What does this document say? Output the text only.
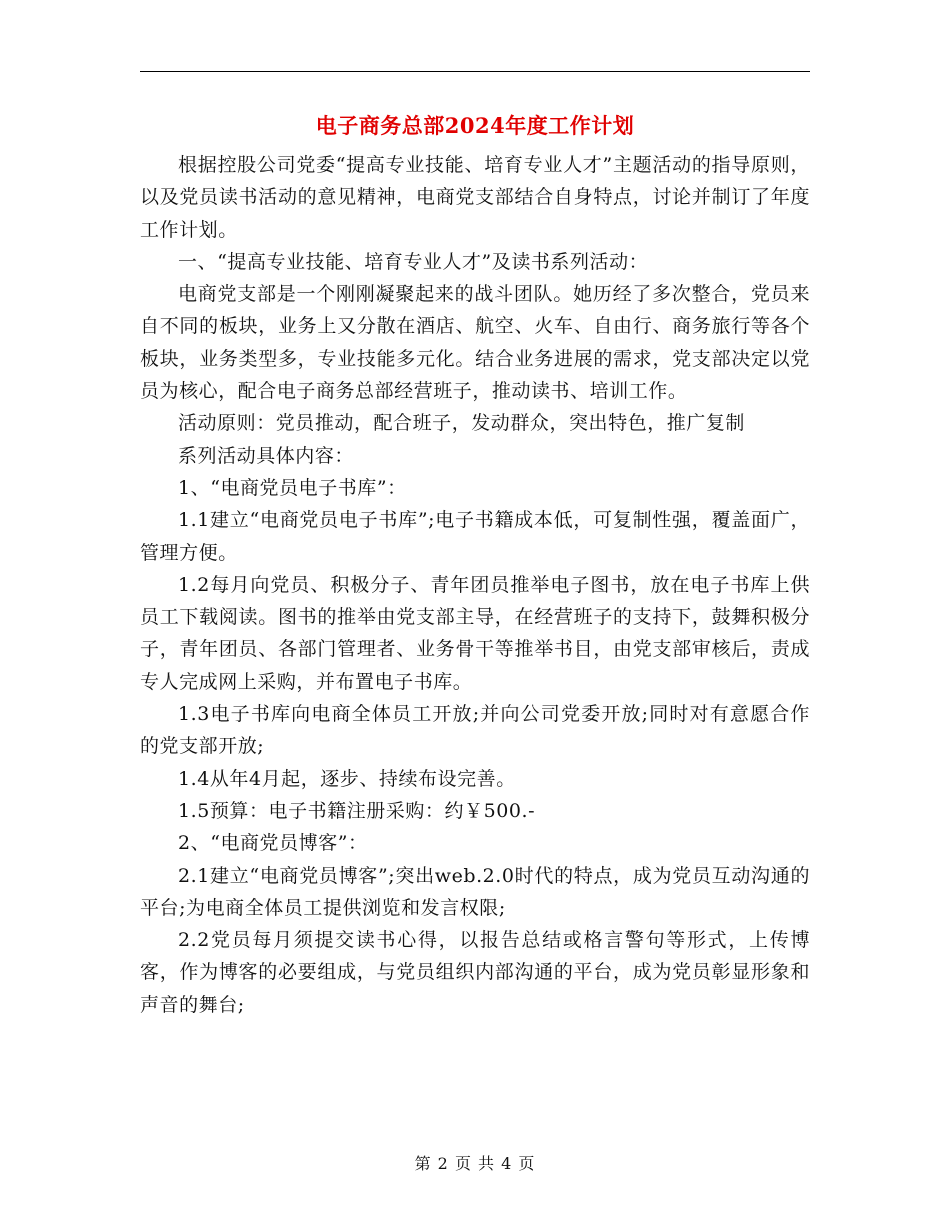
电子商务总部2024年度工作计划

根据控股公司党委“提高专业技能、培育专业人才”主题活动的指导原则，以及党员读书活动的意见精神，电商党支部结合自身特点，讨论并制订了年度工作计划。

一、“提高专业技能、培育专业人才”及读书系列活动：

电商党支部是一个刚刚凝聚起来的战斗团队。她历经了多次整合，党员来自不同的板块，业务上又分散在酒店、航空、火车、自由行、商务旅行等各个板块，业务类型多，专业技能多元化。结合业务进展的需求，党支部决定以党员为核心，配合电子商务总部经营班子，推动读书、培训工作。

活动原则：党员推动，配合班子，发动群众，突出特色，推广复制

系列活动具体内容：

1、“电商党员电子书库”：

1.1建立“电商党员电子书库”;电子书籍成本低，可复制性强，覆盖面广，管理方便。

1.2每月向党员、积极分子、青年团员推举电子图书，放在电子书库上供员工下载阅读。图书的推举由党支部主导，在经营班子的支持下，鼓舞积极分子，青年团员、各部门管理者、业务骨干等推举书目，由党支部审核后，责成专人完成网上采购，并布置电子书库。

1.3电子书库向电商全体员工开放;并向公司党委开放;同时对有意愿合作的党支部开放;

1.4从年4月起，逐步、持续布设完善。

1.5预算：电子书籍注册采购：约￥500.-

2、“电商党员博客”：

2.1建立“电商党员博客”;突出web.2.0时代的特点，成为党员互动沟通的平台;为电商全体员工提供浏览和发言权限;

2.2党员每月须提交读书心得，以报告总结或格言警句等形式，上传博客，作为博客的必要组成，与党员组织内部沟通的平台，成为党员彰显形象和声音的舞台;

第 2 页 共 4 页
